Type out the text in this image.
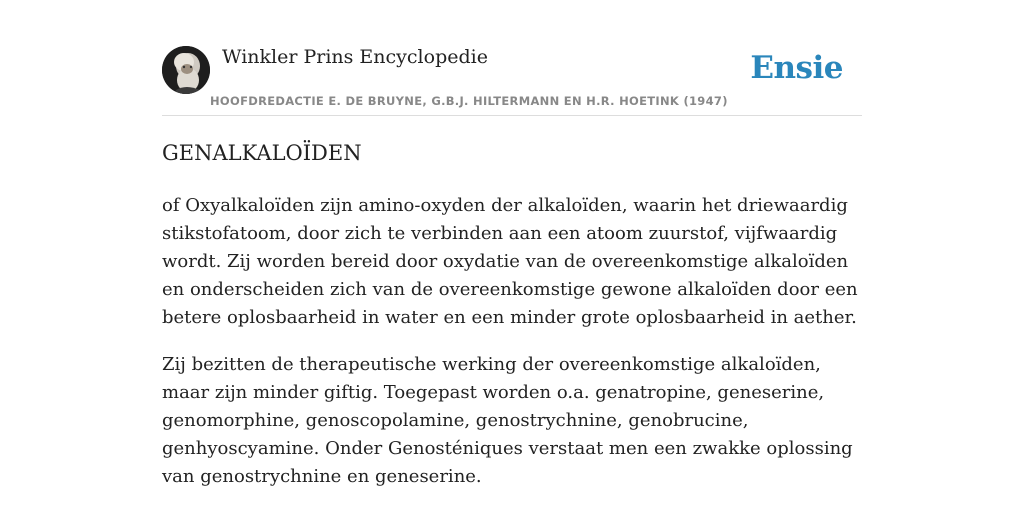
Winkler Prins Encyclopedie
HOOFDREDACTIE E. DE BRUYNE, G.B.J. HILTERMANN EN H.R. HOETINK (1947)
Ensie
GENALKALOÏDEN

of Oxyalkaloïden zijn amino-oxyden der alkaloïden, waarin het driewaardig stikstofatoom, door zich te verbinden aan een atoom zuurstof, vijfwaardig wordt. Zij worden bereid door oxydatie van de overeenkomstige alkaloïden en onderscheiden zich van de overeenkomstige gewone alkaloïden door een betere oplosbaarheid in water en een minder grote oplosbaarheid in aether.

Zij bezitten de therapeutische werking der overeenkomstige alkaloïden, maar zijn minder giftig. Toegepast worden o.a. genatropine, geneserine, genomorphine, genoscopolamine, genostrychnine, genobrucine, genhyoscyamine. Onder Genosténiques verstaat men een zwakke oplossing van genostrychnine en geneserine.
